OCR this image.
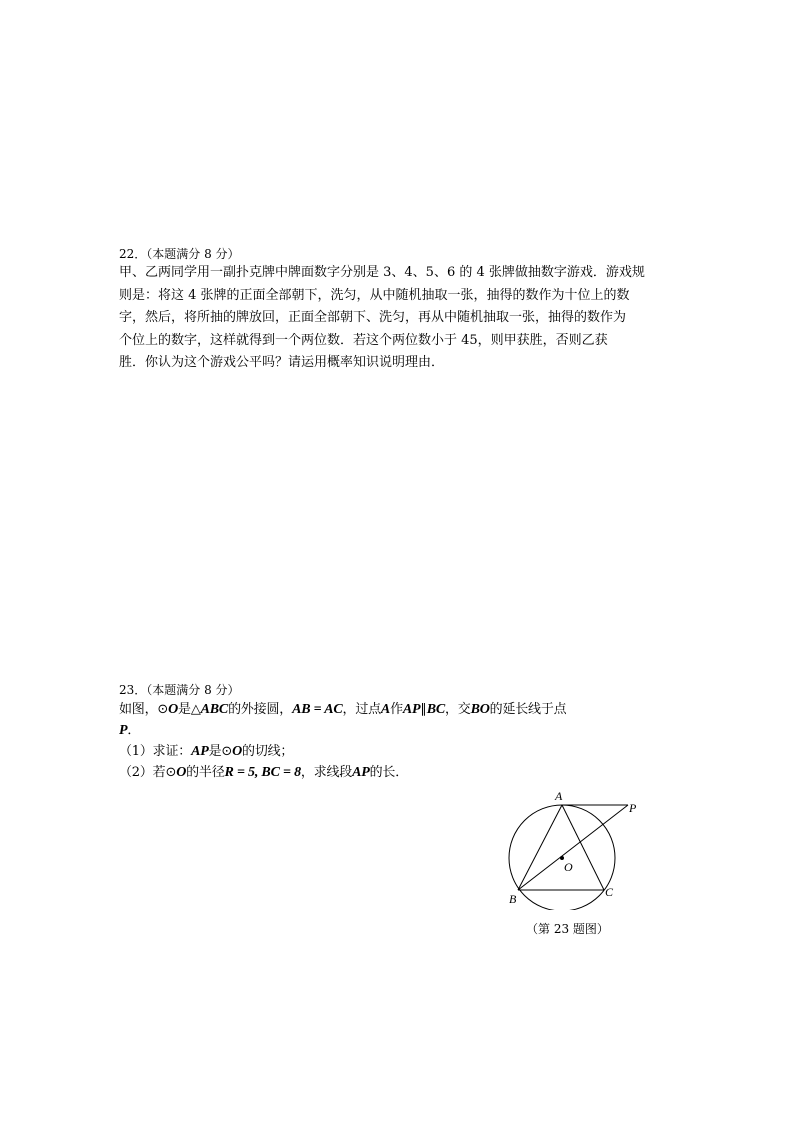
22．（本题满分 8 分）
甲、乙两同学用一副扑克牌中牌面数字分别是 3、4、5、6 的 4 张牌做抽数字游戏．游戏规
则是：将这 4 张牌的正面全部朝下，洗匀，从中随机抽取一张，抽得的数作为十位上的数
字，然后，将所抽的牌放回，正面全部朝下、洗匀，再从中随机抽取一张，抽得的数作为
个位上的数字，这样就得到一个两位数．若这个两位数小于 45，则甲获胜，否则乙获
胜．你认为这个游戏公平吗？请运用概率知识说明理由．
23．（本题满分 8 分）
如图，⊙O是△ABC的外接圆，AB = AC，过点A作AP∥BC，交BO的延长线于点
P．
（1）求证：AP是⊙O的切线；
（2）若⊙O的半径R = 5, BC = 8，求线段AP的长．
A
P
O
B	C
（第 23 题图）
